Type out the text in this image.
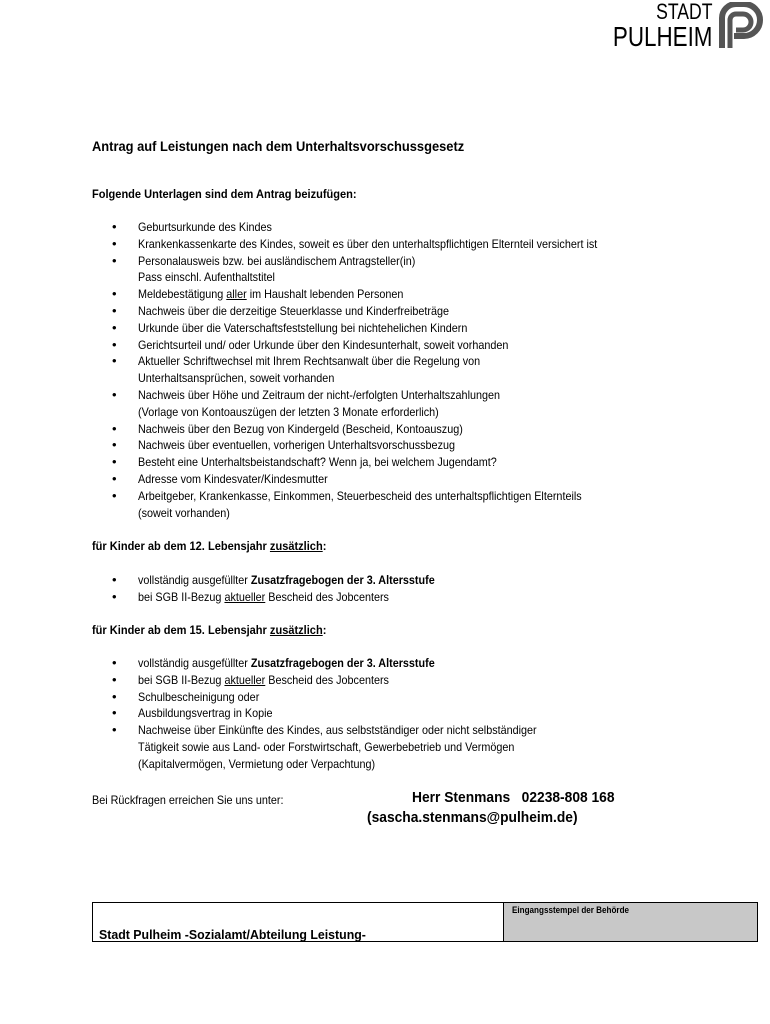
STADT
PULHEIM
Antrag auf Leistungen nach dem Unterhaltsvorschussgesetz
Folgende Unterlagen sind dem Antrag beizufügen:
• Geburtsurkunde des Kindes
• Krankenkassenkarte des Kindes, soweit es über den unterhaltspflichtigen Elternteil versichert ist
• Personalausweis bzw. bei ausländischem Antragsteller(in)
Pass einschl. Aufenthaltstitel
• Meldebestätigung aller im Haushalt lebenden Personen
• Nachweis über die derzeitige Steuerklasse und Kinderfreibeträge
• Urkunde über die Vaterschaftsfeststellung bei nichtehelichen Kindern
• Gerichtsurteil und/ oder Urkunde über den Kindesunterhalt, soweit vorhanden
• Aktueller Schriftwechsel mit Ihrem Rechtsanwalt über die Regelung von
Unterhaltsansprüchen, soweit vorhanden
• Nachweis über Höhe und Zeitraum der nicht-/erfolgten Unterhaltszahlungen
(Vorlage von Kontoauszügen der letzten 3 Monate erforderlich)
• Nachweis über den Bezug von Kindergeld (Bescheid, Kontoauszug)
• Nachweis über eventuellen, vorherigen Unterhaltsvorschussbezug
• Besteht eine Unterhaltsbeistandschaft? Wenn ja, bei welchem Jugendamt?
• Adresse vom Kindesvater/Kindesmutter
• Arbeitgeber, Krankenkasse, Einkommen, Steuerbescheid des unterhaltspflichtigen Elternteils
(soweit vorhanden)
für Kinder ab dem 12. Lebensjahr zusätzlich:
• vollständig ausgefüllter Zusatzfragebogen der 3. Altersstufe
• bei SGB II-Bezug aktueller Bescheid des Jobcenters
für Kinder ab dem 15. Lebensjahr zusätzlich:
• vollständig ausgefüllter Zusatzfragebogen der 3. Altersstufe
• bei SGB II-Bezug aktueller Bescheid des Jobcenters
• Schulbescheinigung oder
• Ausbildungsvertrag in Kopie
• Nachweise über Einkünfte des Kindes, aus selbstständiger oder nicht selbständiger
Tätigkeit sowie aus Land- oder Forstwirtschaft, Gewerbebetrieb und Vermögen
(Kapitalvermögen, Vermietung oder Verpachtung)
Bei Rückfragen erreichen Sie uns unter:	Herr Stenmans   02238-808 168
(sascha.stenmans@pulheim.de)
Stadt Pulheim -Sozialamt/Abteilung Leistung-
Eingangsstempel der Behörde
